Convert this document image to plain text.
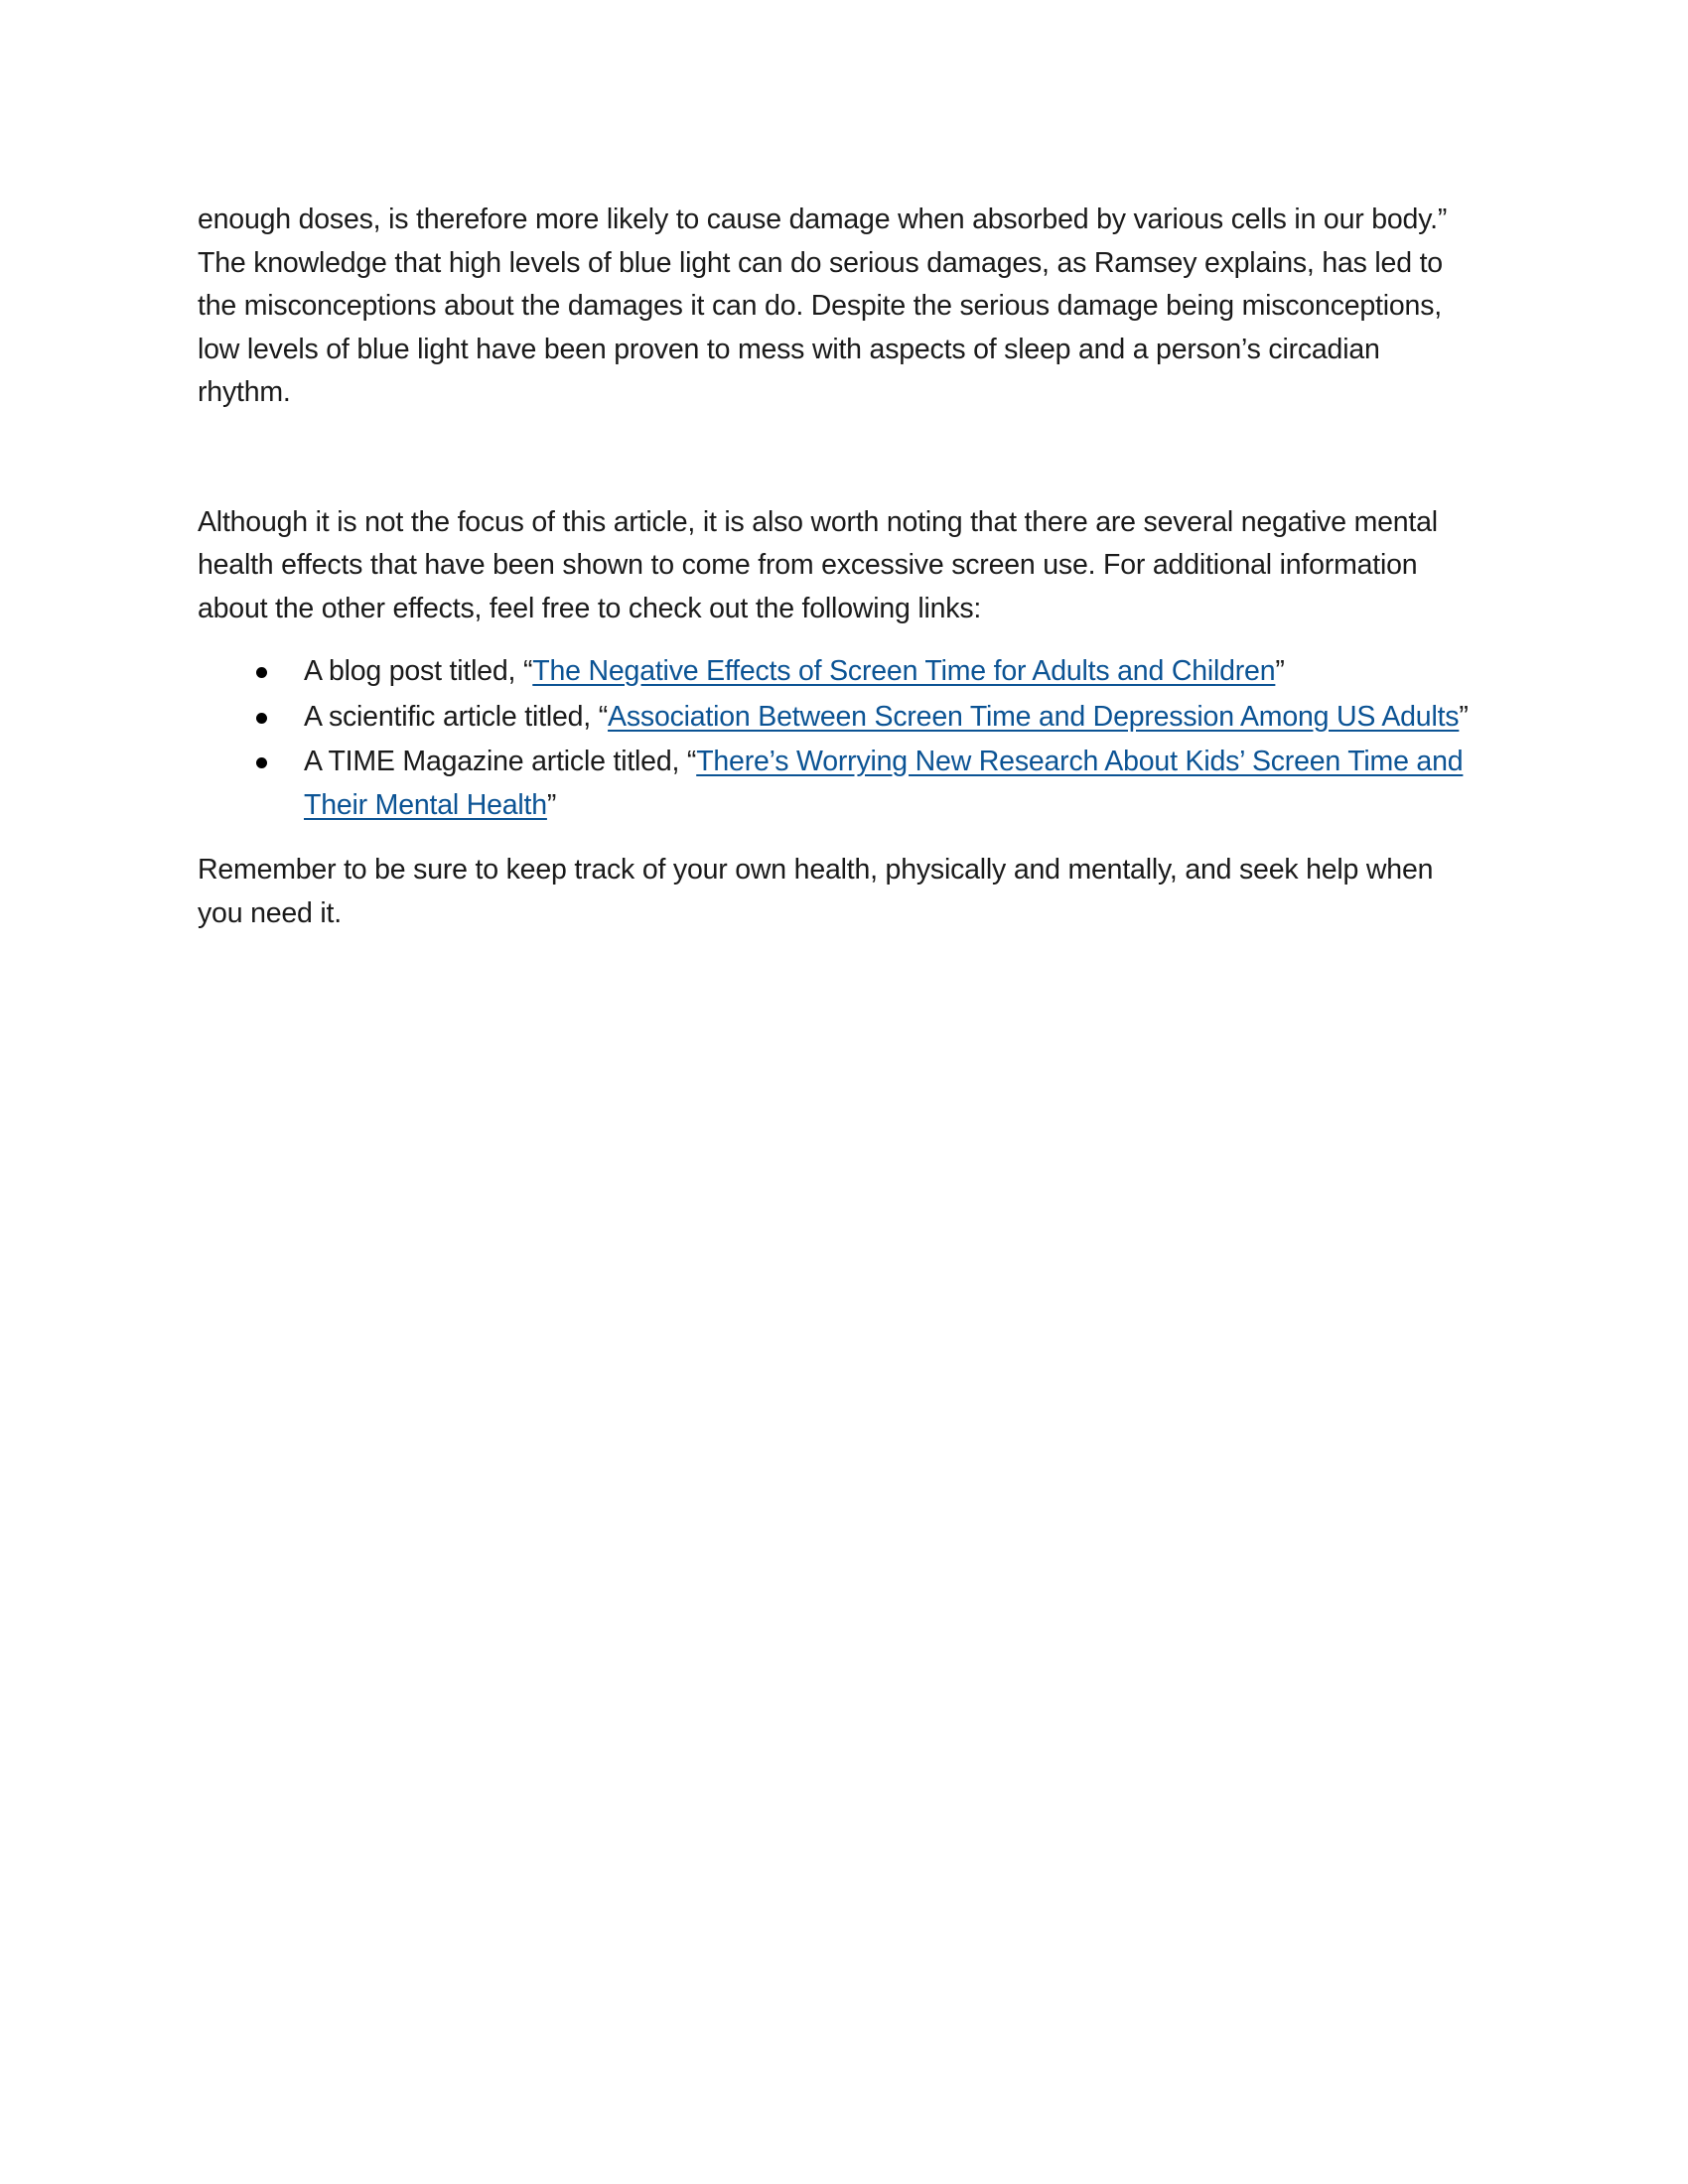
enough doses, is therefore more likely to cause damage when absorbed by various cells in our body.” The knowledge that high levels of blue light can do serious damages, as Ramsey explains, has led to the misconceptions about the damages it can do. Despite the serious damage being misconceptions, low levels of blue light have been proven to mess with aspects of sleep and a person’s circadian rhythm.

Although it is not the focus of this article, it is also worth noting that there are several negative mental health effects that have been shown to come from excessive screen use. For additional information about the other effects, feel free to check out the following links:

A blog post titled, “The Negative Effects of Screen Time for Adults and Children”
A scientific article titled, “Association Between Screen Time and Depression Among US Adults”
A TIME Magazine article titled, “There’s Worrying New Research About Kids’ Screen Time and Their Mental Health”

Remember to be sure to keep track of your own health, physically and mentally, and seek help when you need it.
